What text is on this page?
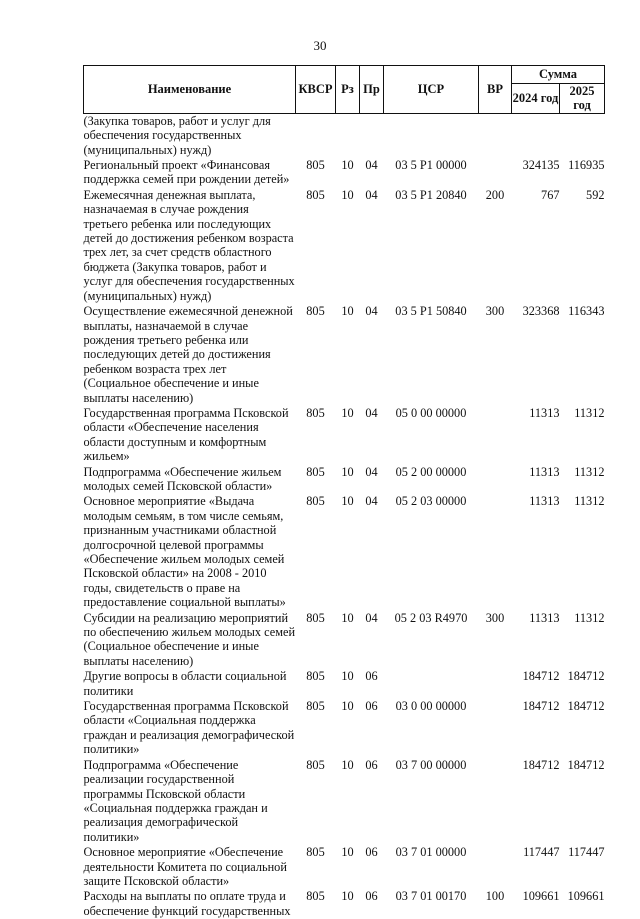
30
Наименование	КВСР	Рз	Пр	ЦСР	ВР	Сумма	
						2024 год	2025 год
(Закупка товаров, работ и услуг для обеспечения государственных (муниципальных) нужд)							
Региональный проект «Финансовая поддержка семей при рождении детей»	805	10	04	03 5 P1 00000		324135	116935
Ежемесячная денежная выплата, назначаемая в случае рождения третьего ребенка или последующих детей до достижения ребенком возраста трех лет, за счет средств областного бюджета (Закупка товаров, работ и услуг для обеспечения государственных (муниципальных) нужд)	805	10	04	03 5 P1 20840	200	767	592
Осуществление ежемесячной денежной выплаты, назначаемой в случае рождения третьего ребенка или последующих детей до достижения ребенком возраста трех лет (Социальное обеспечение и иные выплаты населению)	805	10	04	03 5 P1 50840	300	323368	116343
Государственная программа Псковской области «Обеспечение населения области доступным и комфортным жильем»	805	10	04	05 0 00 00000		11313	11312
Подпрограмма «Обеспечение жильем молодых семей Псковской области»	805	10	04	05 2 00 00000		11313	11312
Основное мероприятие «Выдача молодым семьям, в том числе семьям, признанным участниками областной долгосрочной целевой программы «Обеспечение жильем молодых семей Псковской области» на 2008 - 2010 годы, свидетельств о праве на предоставление социальной выплаты»	805	10	04	05 2 03 00000		11313	11312
Субсидии на реализацию мероприятий по обеспечению жильем молодых семей (Социальное обеспечение и иные выплаты населению)	805	10	04	05 2 03 R4970	300	11313	11312
Другие вопросы в области социальной политики	805	10	06			184712	184712
Государственная программа Псковской области «Социальная поддержка граждан и реализация демографической политики»	805	10	06	03 0 00 00000		184712	184712
Подпрограмма «Обеспечение реализации государственной программы Псковской области «Социальная поддержка граждан и реализация демографической политики»	805	10	06	03 7 00 00000		184712	184712
Основное мероприятие «Обеспечение деятельности Комитета по социальной защите Псковской области»	805	10	06	03 7 01 00000		117447	117447
Расходы на выплаты по оплате труда и обеспечение функций государственных	805	10	06	03 7 01 00170	100	109661	109661
